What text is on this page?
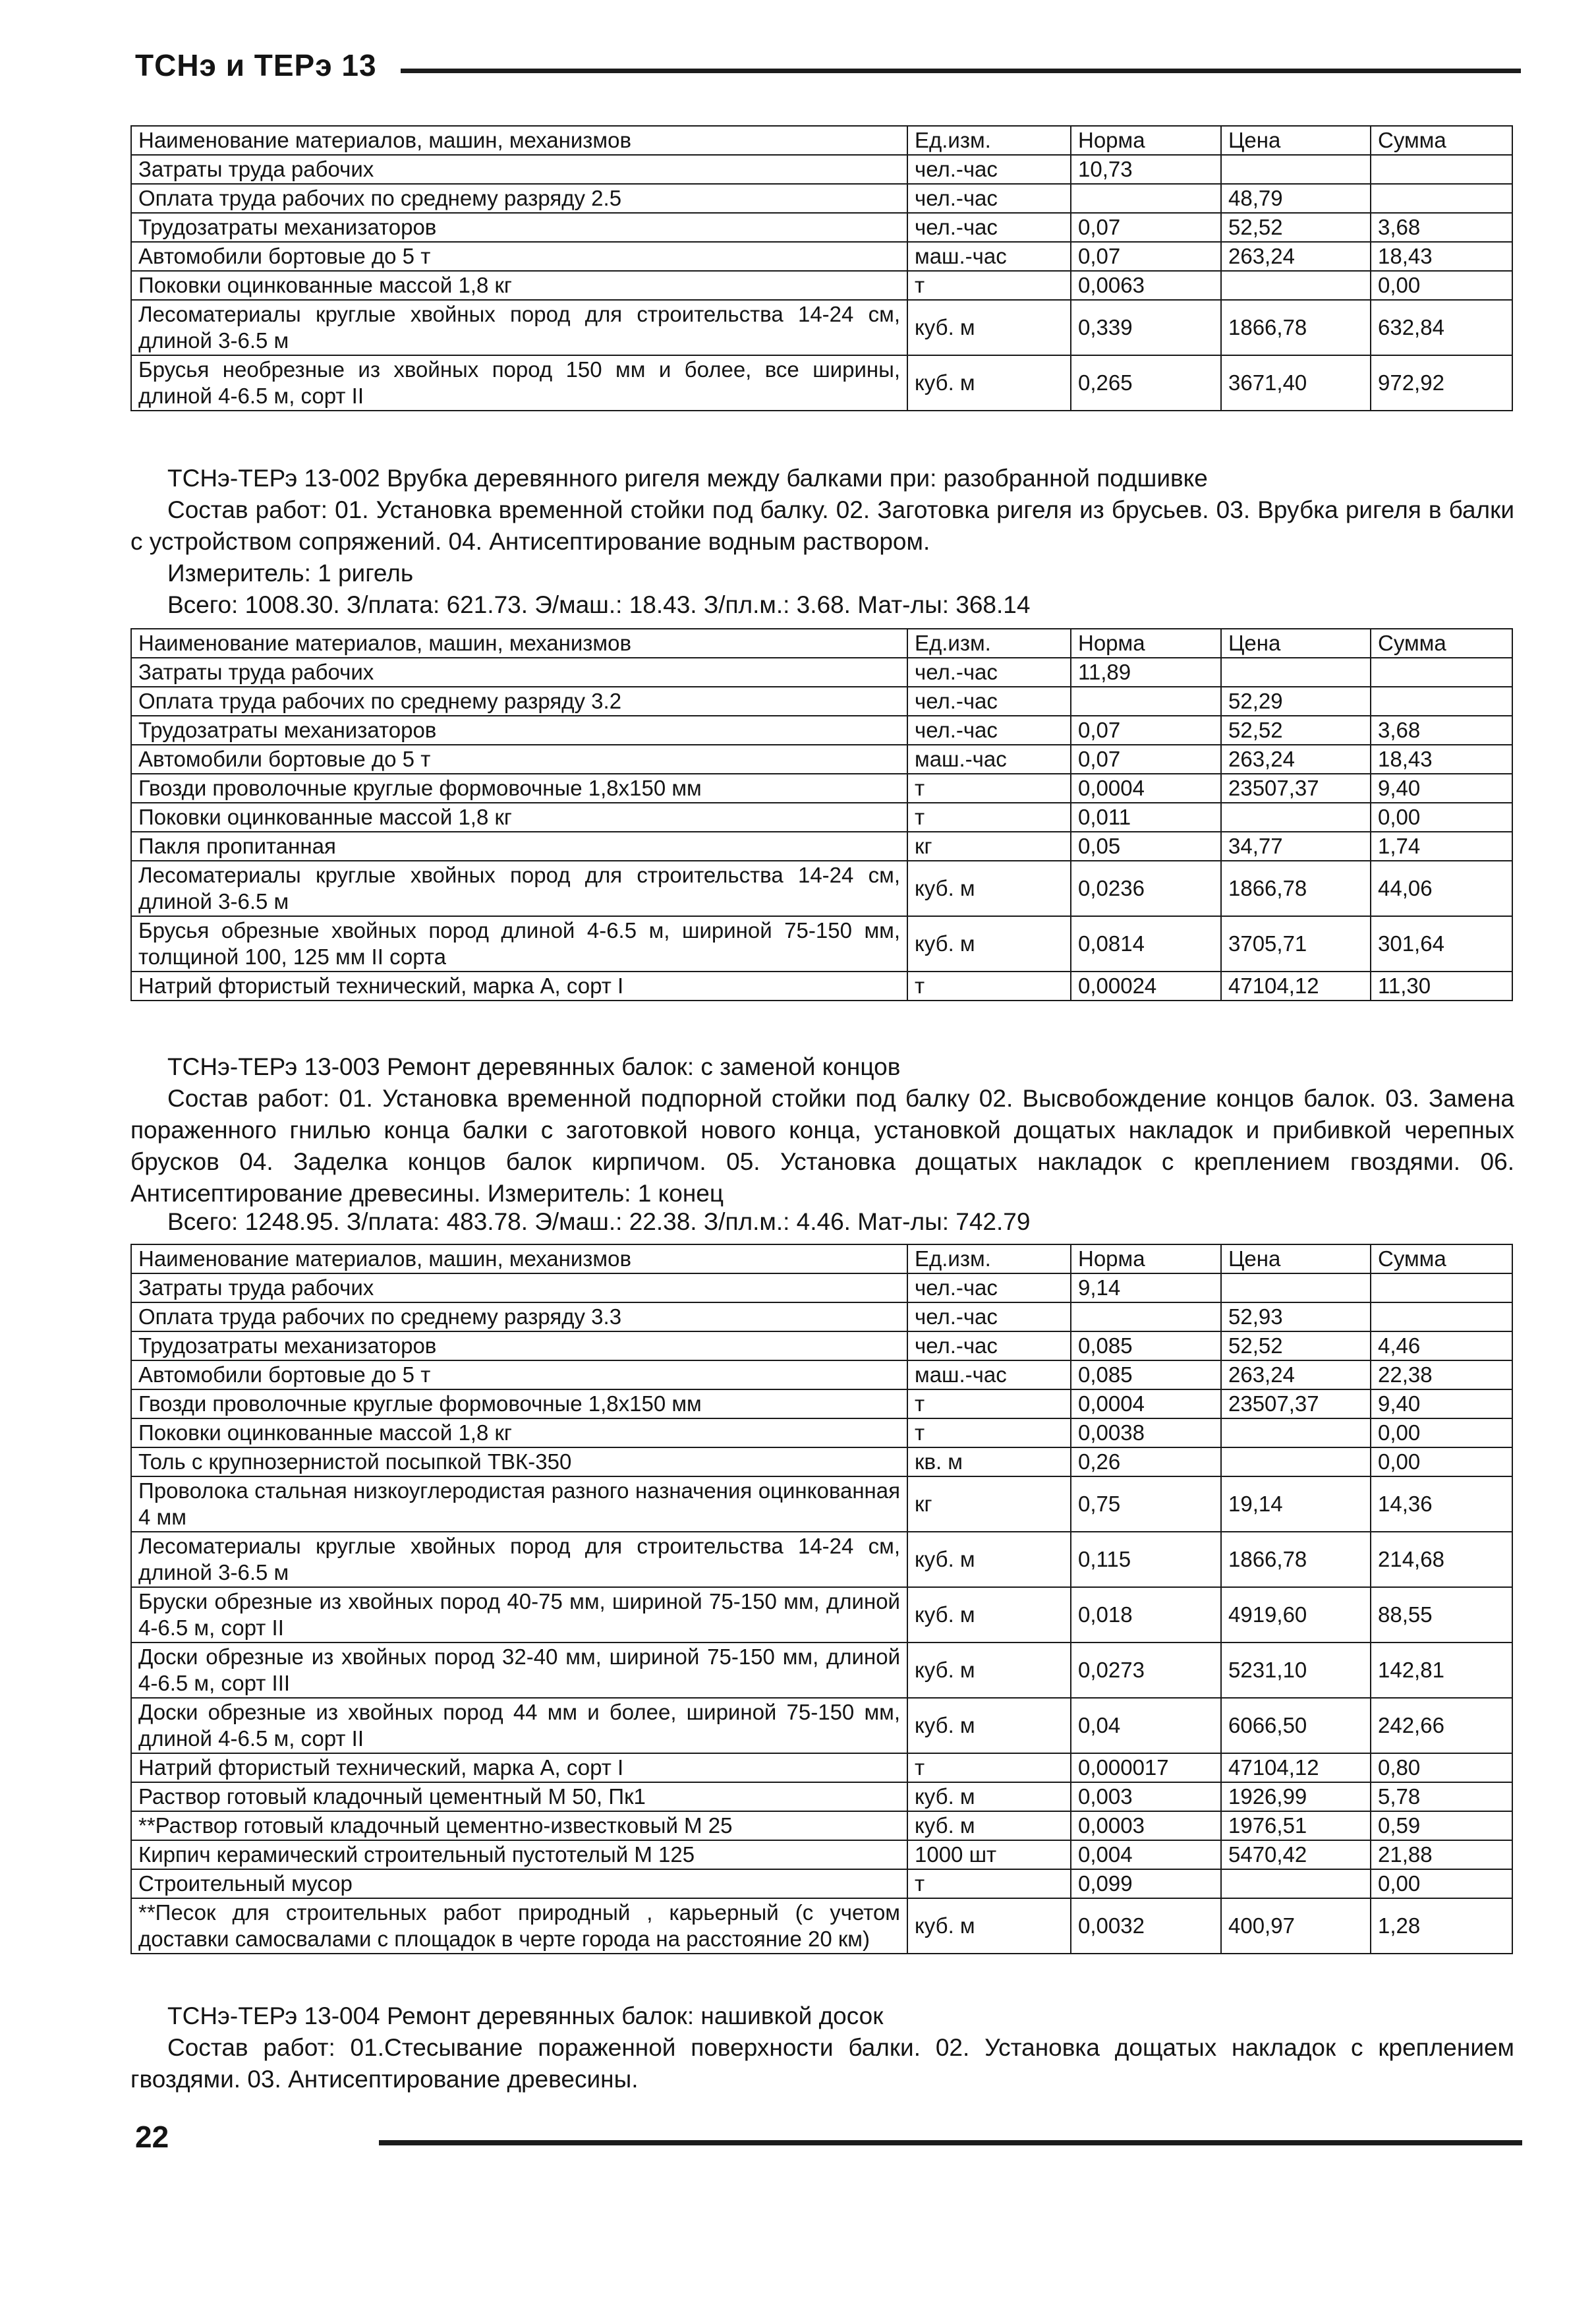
ТСНэ и ТЕРэ 13
Наименование материалов, машин, механизмов	Ед.изм.	Норма	Цена	Сумма
Затраты труда рабочих	чел.-час	10,73		
Оплата труда рабочих по среднему разряду 2.5	чел.-час		48,79	
Трудозатраты механизаторов	чел.-час	0,07	52,52	3,68
Автомобили бортовые до 5 т	маш.-час	0,07	263,24	18,43
Поковки оцинкованные массой 1,8 кг	т	0,0063		0,00
Лесоматериалы круглые хвойных пород для строительства 14-24 см, длиной 3-6.5 м	куб. м	0,339	1866,78	632,84
Брусья необрезные из хвойных пород 150 мм и более, все ширины, длиной 4-6.5 м, сорт II	куб. м	0,265	3671,40	972,92

ТСНэ-ТЕРэ 13-002 Врубка деревянного ригеля между балками при: разобранной подшивке

Состав работ: 01. Установка временной стойки под балку. 02. Заготовка ригеля из брусьев. 03. Врубка ригеля в балки с устройством сопряжений. 04. Антисептирование водным раствором.

Измеритель: 1 ригель

Всего: 1008.30. З/плата: 621.73. Э/маш.: 18.43. З/пл.м.: 3.68. Мат-лы: 368.14

Наименование материалов, машин, механизмов	Ед.изм.	Норма	Цена	Сумма
Затраты труда рабочих	чел.-час	11,89		
Оплата труда рабочих по среднему разряду 3.2	чел.-час		52,29	
Трудозатраты механизаторов	чел.-час	0,07	52,52	3,68
Автомобили бортовые до 5 т	маш.-час	0,07	263,24	18,43
Гвозди проволочные круглые формовочные 1,8х150 мм	т	0,0004	23507,37	9,40
Поковки оцинкованные массой 1,8 кг	т	0,011		0,00
Пакля пропитанная	кг	0,05	34,77	1,74
Лесоматериалы круглые хвойных пород для строительства 14-24 см, длиной 3-6.5 м	куб. м	0,0236	1866,78	44,06
Брусья обрезные хвойных пород длиной 4-6.5 м, шириной 75-150 мм, толщиной 100, 125 мм II сорта	куб. м	0,0814	3705,71	301,64
Натрий фтористый технический, марка А, сорт I	т	0,00024	47104,12	11,30

ТСНэ-ТЕРэ 13-003 Ремонт деревянных балок: с заменой концов

Состав работ: 01. Установка временной подпорной стойки под балку 02. Высвобождение концов балок. 03. Замена пораженного гнилью конца балки с заготовкой нового конца, установкой дощатых накладок и прибивкой черепных брусков 04. Заделка концов балок кирпичом. 05. Установка дощатых накладок с креплением гвоздями. 06. Антисептирование древесины. Измеритель: 1 конец

Всего: 1248.95. З/плата: 483.78. Э/маш.: 22.38. З/пл.м.: 4.46. Мат-лы: 742.79

Наименование материалов, машин, механизмов	Ед.изм.	Норма	Цена	Сумма
Затраты труда рабочих	чел.-час	9,14		
Оплата труда рабочих по среднему разряду 3.3	чел.-час		52,93	
Трудозатраты механизаторов	чел.-час	0,085	52,52	4,46
Автомобили бортовые до 5 т	маш.-час	0,085	263,24	22,38
Гвозди проволочные круглые формовочные 1,8х150 мм	т	0,0004	23507,37	9,40
Поковки оцинкованные массой 1,8 кг	т	0,0038		0,00
Толь с крупнозернистой посыпкой ТВК-350	кв. м	0,26		0,00
Проволока стальная низкоуглеродистая разного назначения оцинкованная 4 мм	кг	0,75	19,14	14,36
Лесоматериалы круглые хвойных пород для строительства 14-24 см, длиной 3-6.5 м	куб. м	0,115	1866,78	214,68
Бруски обрезные из хвойных пород 40-75 мм, шириной 75-150 мм, длиной 4-6.5 м, сорт II	куб. м	0,018	4919,60	88,55
Доски обрезные из хвойных пород 32-40 мм, шириной 75-150 мм, длиной 4-6.5 м, сорт III	куб. м	0,0273	5231,10	142,81
Доски обрезные из хвойных пород 44 мм и более, шириной 75-150 мм, длиной 4-6.5 м, сорт II	куб. м	0,04	6066,50	242,66
Натрий фтористый технический, марка А, сорт I	т	0,000017	47104,12	0,80
Раствор готовый кладочный цементный М 50, Пк1	куб. м	0,003	1926,99	5,78
**Раствор готовый кладочный цементно-известковый М 25	куб. м	0,0003	1976,51	0,59
Кирпич керамический строительный пустотелый М 125	1000 шт	0,004	5470,42	21,88
Строительный мусор	т	0,099		0,00
**Песок для строительных работ природный , карьерный (с учетом доставки самосвалами с площадок в черте города на расстояние 20 км)	куб. м	0,0032	400,97	1,28

ТСНэ-ТЕРэ 13-004 Ремонт деревянных балок: нашивкой досок

Состав работ: 01.Стесывание пораженной поверхности балки. 02. Установка дощатых накладок с креплением гвоздями. 03. Антисептирование древесины.

22
